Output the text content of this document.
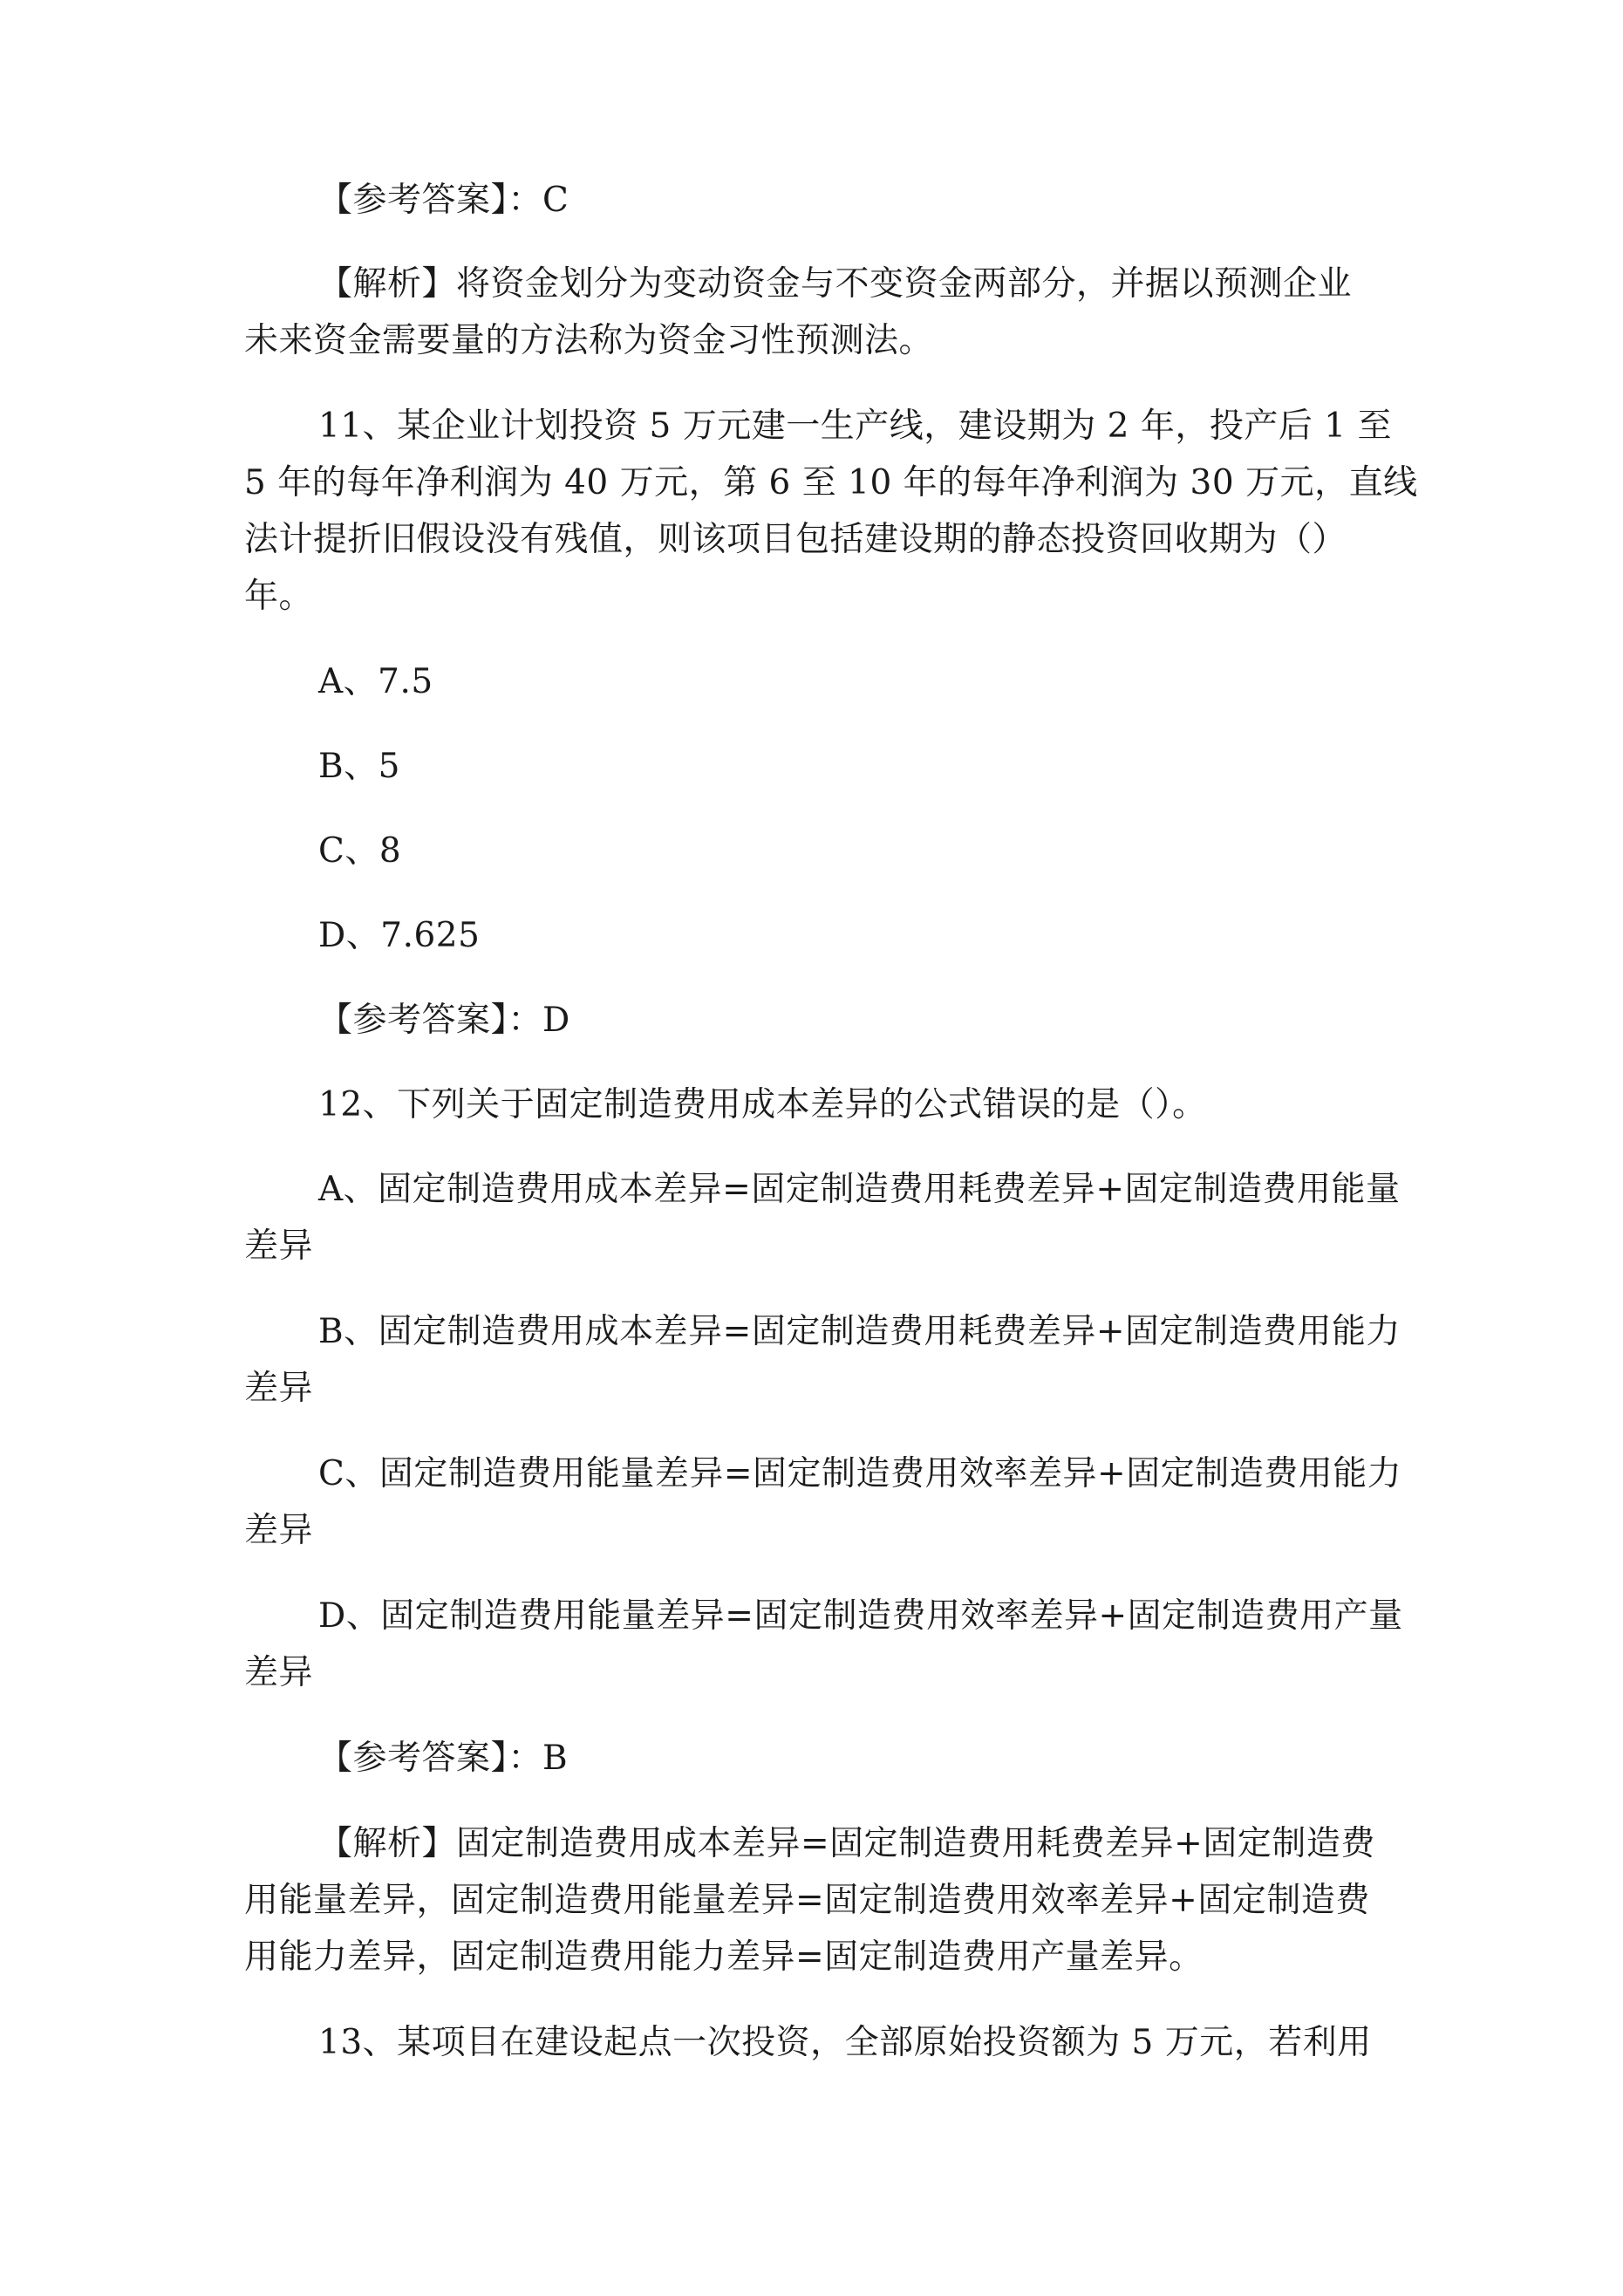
【参考答案】：C
【解析】将资金划分为变动资金与不变资金两部分，并据以预测企业
未来资金需要量的方法称为资金习性预测法。
11、某企业计划投资 5 万元建一生产线，建设期为 2 年，投产后 1 至
5 年的每年净利润为 40 万元，第 6 至 10 年的每年净利润为 30 万元，直线
法计提折旧假设没有残值，则该项目包括建设期的静态投资回收期为（）
年。
A、7.5
B、5
C、8
D、7.625
【参考答案】：D
12、下列关于固定制造费用成本差异的公式错误的是（）。
A、固定制造费用成本差异=固定制造费用耗费差异+固定制造费用能量
差异
B、固定制造费用成本差异=固定制造费用耗费差异+固定制造费用能力
差异
C、固定制造费用能量差异=固定制造费用效率差异+固定制造费用能力
差异
D、固定制造费用能量差异=固定制造费用效率差异+固定制造费用产量
差异
【参考答案】：B
【解析】固定制造费用成本差异=固定制造费用耗费差异+固定制造费
用能量差异，固定制造费用能量差异=固定制造费用效率差异+固定制造费
用能力差异，固定制造费用能力差异=固定制造费用产量差异。
13、某项目在建设起点一次投资，全部原始投资额为 5 万元，若利用
